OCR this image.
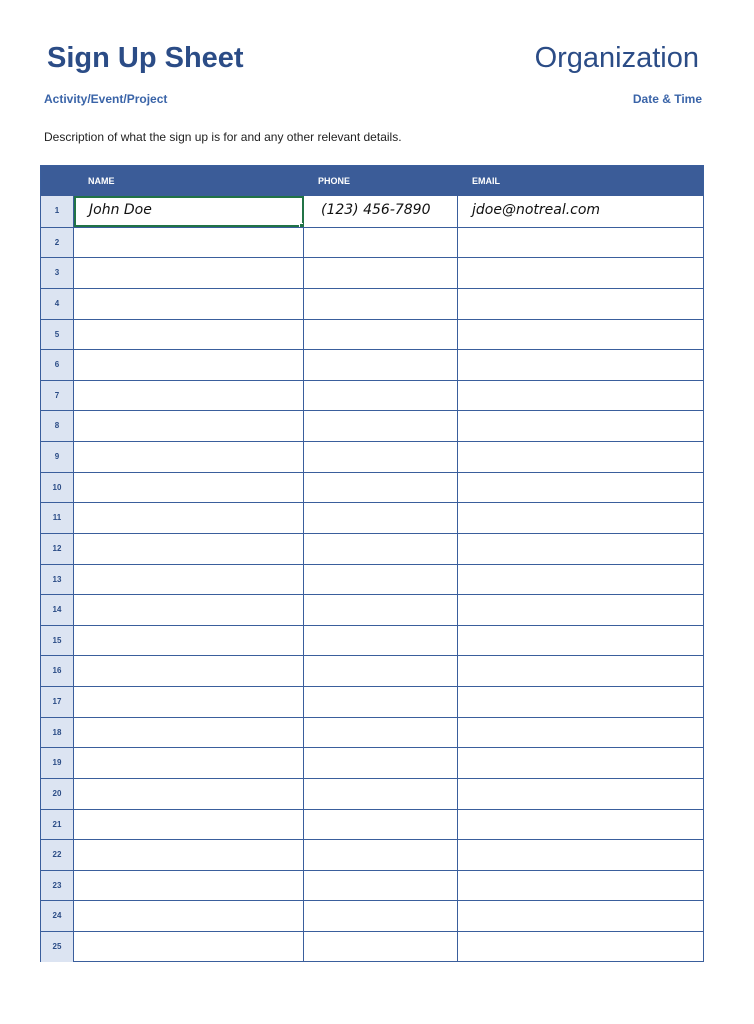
Sign Up Sheet	Organization
Activity/Event/Project	Date & Time
Description of what the sign up is for and any other relevant details.
NAME	PHONE	EMAIL
1	John Doe	(123) 456-7890	jdoe@notreal.com
2
3
4
5
6
7
8
9
10
11
12
13
14
15
16
17
18
19
20
21
22
23
24
25
